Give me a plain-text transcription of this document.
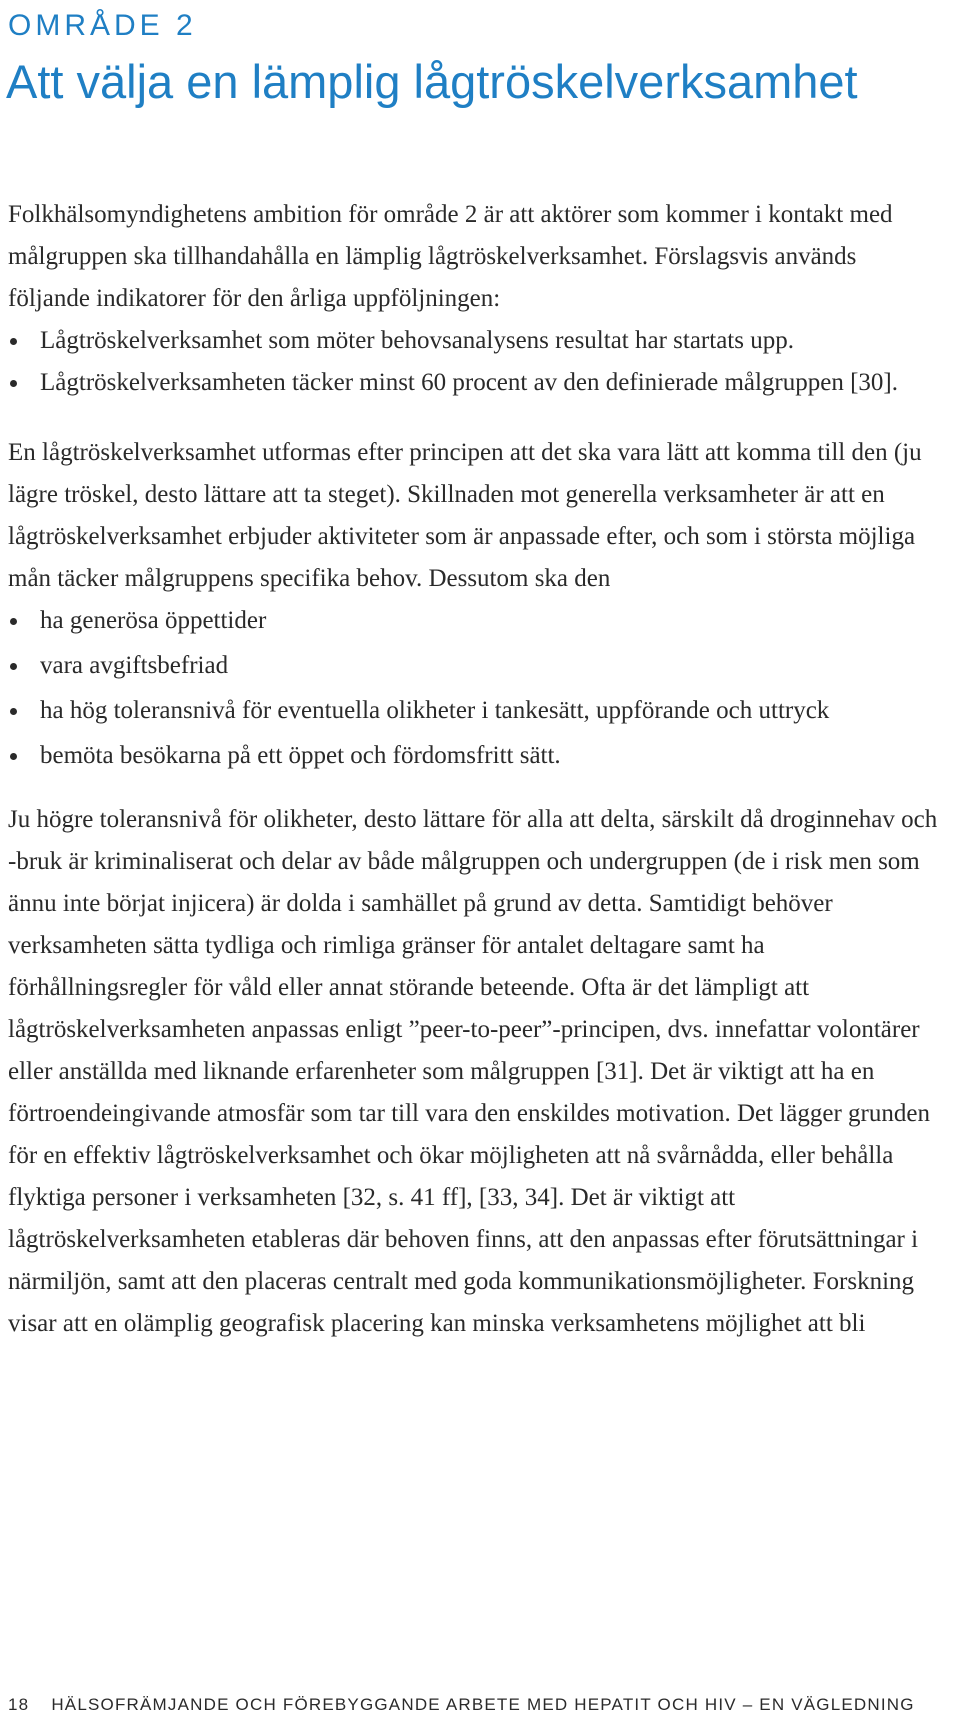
OMRÅDE 2
Att välja en lämplig lågtröskelverksamhet

Folkhälsomyndighetens ambition för område 2 är att aktörer som kommer i kontakt med målgruppen ska tillhandahålla en lämplig lågtröskelverksamhet. Förslagsvis används följande indikatorer för den årliga uppföljningen:

Lågtröskelverksamhet som möter behovsanalysens resultat har startats upp.
Lågtröskelverksamheten täcker minst 60 procent av den definierade målgruppen [30].

En lågtröskelverksamhet utformas efter principen att det ska vara lätt att komma till den (ju lägre tröskel, desto lättare att ta steget). Skillnaden mot generella verksamheter är att en lågtröskelverksamhet erbjuder aktiviteter som är anpassade efter, och som i största möjliga mån täcker målgruppens specifika behov. Dessutom ska den

ha generösa öppettider
vara avgiftsbefriad
ha hög toleransnivå för eventuella olikheter i tankesätt, uppförande och uttryck
bemöta besökarna på ett öppet och fördomsfritt sätt.

Ju högre toleransnivå för olikheter, desto lättare för alla att delta, särskilt då droginnehav och -bruk är kriminaliserat och delar av både målgruppen och undergruppen (de i risk men som ännu inte börjat injicera) är dolda i samhället på grund av detta. Samtidigt behöver verksamheten sätta tydliga och rimliga gränser för antalet deltagare samt ha förhållningsregler för våld eller annat störande beteende. Ofta är det lämpligt att lågtröskelverksamheten anpassas enligt ”peer-to-peer”-principen, dvs. innefattar volontärer eller anställda med liknande erfarenheter som målgruppen [31]. Det är viktigt att ha en förtroendeingivande atmosfär som tar till vara den enskildes motivation. Det lägger grunden för en effektiv lågtröskelverksamhet och ökar möjligheten att nå svårnådda, eller behålla flyktiga personer i verksamheten [32, s. 41 ff], [33, 34]. Det är viktigt att lågtröskelverksamheten etableras där behoven finns, att den anpassas efter förutsättningar i närmiljön, samt att den placeras centralt med goda kommunikationsmöjligheter. Forskning visar att en olämplig geografisk placering kan minska verksamhetens möjlighet att bli

18 HÄLSOFRÄMJANDE OCH FÖREBYGGANDE ARBETE MED HEPATIT OCH HIV – EN VÄGLEDNING
